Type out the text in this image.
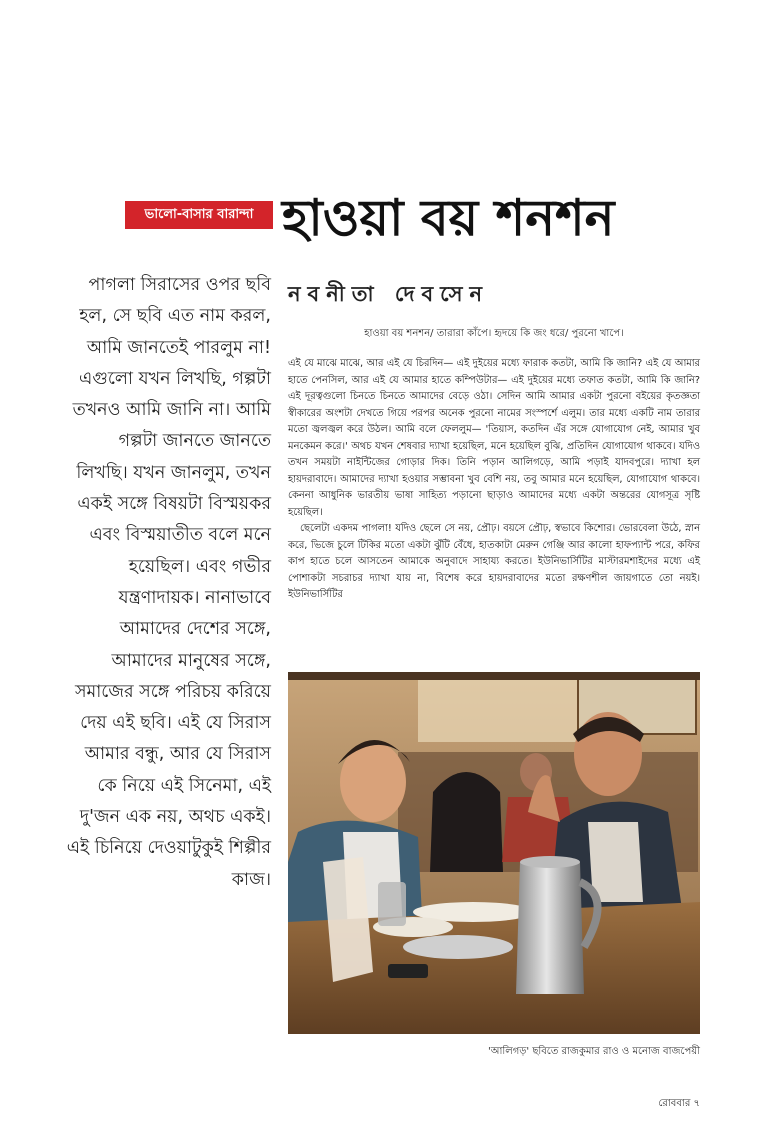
ভালো-বাসার বারান্দা হাওয়া বয় শনশন
নবনীতা দেবসেন

পাগলা সিরাসের ওপর ছবি হল, সে ছবি এত নাম করল, আমি জানতেই পারলুম না! এগুলো যখন লিখছি, গল্পটা তখনও আমি জানি না। আমি গল্পটা জানতে জানতে লিখছি। যখন জানলুম, তখন একই সঙ্গে বিষয়টা বিস্ময়কর এবং বিস্ময়াতীত বলে মনে হয়েছিল। এবং গভীর যন্ত্রণাদায়ক। নানাভাবে আমাদের দেশের সঙ্গে, আমাদের মানুষের সঙ্গে, সমাজের সঙ্গে পরিচয় করিয়ে দেয় এই ছবি। এই যে সিরাস আমার বন্ধু, আর যে সিরাস কে নিয়ে এই সিনেমা, এই দু'জন এক নয়, অথচ একই। এই চিনিয়ে দেওয়াটুকুই শিল্পীর কাজ।

হাওয়া বয় শনশন/ তারারা কাঁপে। হৃদয়ে কি জং ধরে/ পুরনো খাপে।

এই যে মাঝে মাঝে, আর এই যে চিরদিন— এই দুইয়ের মধ্যে ফারাক কতটা, আমি কি জানি? এই যে আমার হাতে পেনসিল, আর এই যে আমার হাতে কম্পিউটার— এই দুইয়ের মধ্যে তফাত কতটা, আমি কি জানি? এই দূরত্বগুলো চিনতে চিনতে আমাদের বেড়ে ওঠা। সেদিন আমি আমার একটা পুরনো বইয়ের কৃতজ্ঞতা স্বীকারের অংশটা দেখতে গিয়ে পরপর অনেক পুরনো নামের সংস্পর্শে এলুম। তার মধ্যে একটি নাম তারার মতো জ্বলজ্বল করে উঠল। আমি বলে ফেললুম— 'তিয়াস, কতদিন এঁর সঙ্গে যোগাযোগ নেই, আমার খুব মনকেমন করে।' অথচ যখন শেষবার দ্যাখা হয়েছিল, মনে হয়েছিল বুঝি, প্রতিদিন যোগাযোগ থাকবে। যদিও তখন সময়টা নাইন্টিজের গোড়ার দিক। তিনি পড়ান আলিগড়ে, আমি পড়াই যাদবপুরে। দ্যাখা হল হায়দরাবাদে। আমাদের দ্যাখা হওয়ার সম্ভাবনা খুব বেশি নয়, তবু আমার মনে হয়েছিল, যোগাযোগ থাকবে। কেননা আধুনিক ভারতীয় ভাষা সাহিত্য পড়ানো ছাড়াও আমাদের মধ্যে একটা অন্তরের যোগসূত্র সৃষ্টি হয়েছিল।

ছেলেটা একদম পাগলা! যদিও ছেলে সে নয়, প্রৌঢ়। বয়সে প্রৌঢ়, স্বভাবে কিশোর। ভোরবেলা উঠে, স্নান করে, ভিজে চুলে টিকির মতো একটা ঝুঁটি বেঁধে, হাতকাটা মেরুন গেঞ্জি আর কালো হাফপ্যান্ট পরে, কফির কাপ হাতে চলে আসতেন আমাকে অনুবাদে সাহায্য করতে। ইউনিভার্সিটির মাস্টারমশাইদের মধ্যে এই পোশাকটা সচরাচর দ্যাখা যায় না, বিশেষ করে হায়দরাবাদের মতো রক্ষণশীল জায়গাতে তো নয়ই। ইউনিভার্সিটির

'আলিগড়' ছবিতে রাজকুমার রাও ও মনোজ বাজপেয়ী

রোববার ৭
